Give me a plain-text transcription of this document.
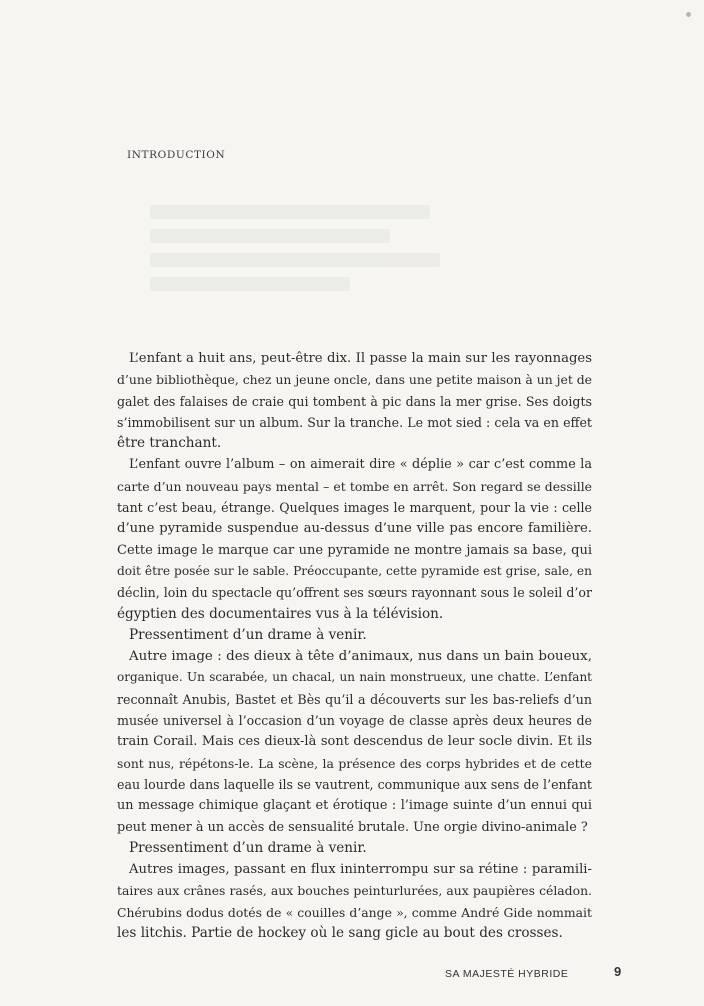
INTRODUCTION
L’enfant a huit ans, peut-être dix. Il passe la main sur les rayonnages
d’une bibliothèque, chez un jeune oncle, dans une petite maison à un jet de
galet des falaises de craie qui tombent à pic dans la mer grise. Ses doigts
s’immobilisent sur un album. Sur la tranche. Le mot sied : cela va en effet
être tranchant.
L’enfant ouvre l’album – on aimerait dire « déplie » car c’est comme la
carte d’un nouveau pays mental – et tombe en arrêt. Son regard se dessille
tant c’est beau, étrange. Quelques images le marquent, pour la vie : celle
d’une pyramide suspendue au-dessus d’une ville pas encore familière.
Cette image le marque car une pyramide ne montre jamais sa base, qui
doit être posée sur le sable. Préoccupante, cette pyramide est grise, sale, en
déclin, loin du spectacle qu’offrent ses sœurs rayonnant sous le soleil d’or
égyptien des documentaires vus à la télévision.
Pressentiment d’un drame à venir.
Autre image : des dieux à tête d’animaux, nus dans un bain boueux,
organique. Un scarabée, un chacal, un nain monstrueux, une chatte. L’enfant
reconnaît Anubis, Bastet et Bès qu’il a découverts sur les bas-reliefs d’un
musée universel à l’occasion d’un voyage de classe après deux heures de
train Corail. Mais ces dieux-là sont descendus de leur socle divin. Et ils
sont nus, répétons-le. La scène, la présence des corps hybrides et de cette
eau lourde dans laquelle ils se vautrent, communique aux sens de l’enfant
un message chimique glaçant et érotique : l’image suinte d’un ennui qui
peut mener à un accès de sensualité brutale. Une orgie divino-animale ?
Pressentiment d’un drame à venir.
Autres images, passant en flux ininterrompu sur sa rétine : paramili-
taires aux crânes rasés, aux bouches peinturlurées, aux paupières céladon.
Chérubins dodus dotés de « couilles d’ange », comme André Gide nommait
les litchis. Partie de hockey où le sang gicle au bout des crosses.
SA MAJESTÉ HYBRIDE	9
